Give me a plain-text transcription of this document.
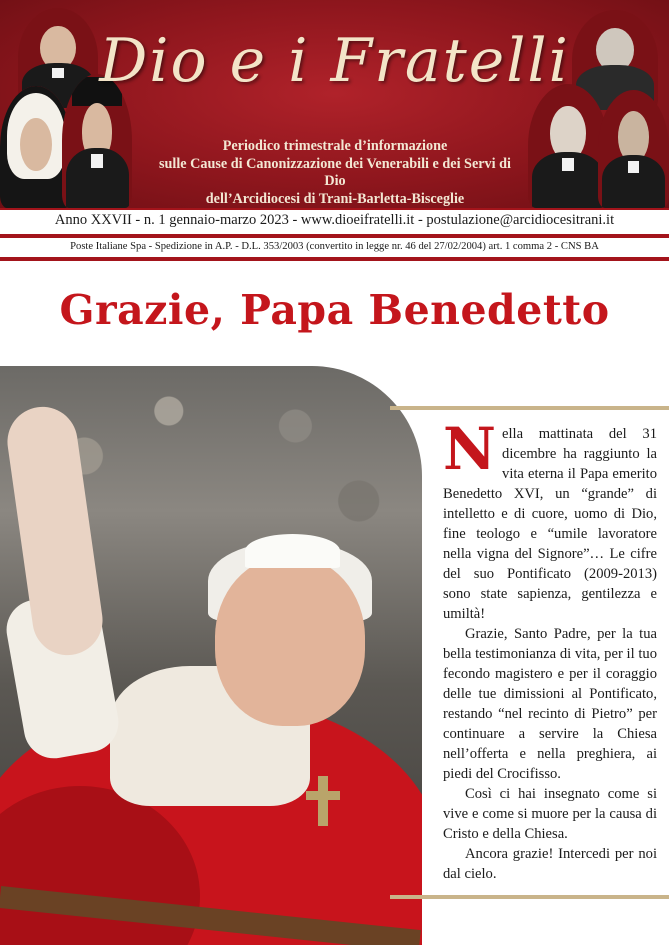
Dio e i Fratelli
Periodico trimestrale d’informazione
sulle Cause di Canonizzazione dei Venerabili e dei Servi di Dio
dell’Arcidiocesi di Trani-Barletta-Bisceglie
Anno XXVII - n. 1 gennaio-marzo 2023 - www.dioeifratelli.it - postulazione@arcidiocesitrani.it
Poste Italiane Spa - Spedizione in A.P. - D.L. 353/2003 (convertito in legge nr. 46 del 27/02/2004) art. 1 comma 2 - CNS BA
Grazie, Papa Benedetto

Nella mattinata del 31 dicembre ha raggiunto la vita eterna il Papa emerito Benedetto XVI, un “grande” di intelletto e di cuore, uomo di Dio, fine teologo e “umile lavoratore nella vigna del Signore”… Le cifre del suo Pontificato (2009-2013) sono state sapienza, gentilezza e umiltà!

Grazie, Santo Padre, per la tua bella testimonianza di vita, per il tuo fecondo magistero e per il coraggio delle tue dimissioni al Pontificato, restando “nel recinto di Pietro” per continuare a servire la Chiesa nell’offerta e nella preghiera, ai piedi del Crocifisso.

Così ci hai insegnato come si vive e come si muore per la causa di Cristo e della Chiesa.

Ancora grazie! Intercedi per noi dal cielo.
